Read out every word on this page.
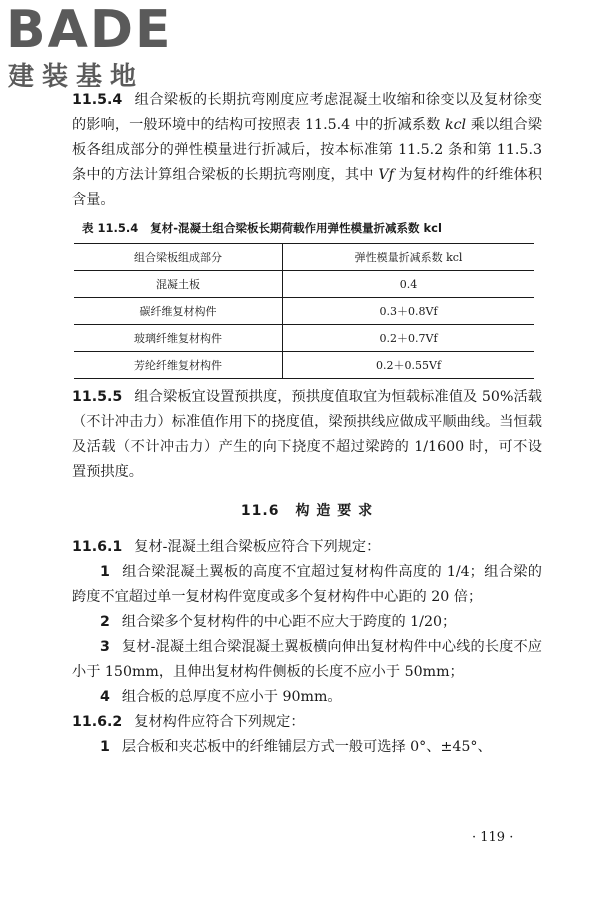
BADE
建装基地

11.5.4 组合梁板的长期抗弯刚度应考虑混凝土收缩和徐变以及复材徐变的影响，一般环境中的结构可按照表 11.5.4 中的折减系数 kcl 乘以组合梁板各组成部分的弹性模量进行折减后，按本标准第 11.5.2 条和第 11.5.3 条中的方法计算组合梁板的长期抗弯刚度，其中 Vf 为复材构件的纤维体积含量。

表 11.5.4 复材-混凝土组合梁板长期荷载作用弹性模量折减系数 kcl
组合梁板组成部分	弹性模量折减系数 kcl
混凝土板	0.4
碳纤维复材构件	0.3＋0.8Vf
玻璃纤维复材构件	0.2＋0.7Vf
芳纶纤维复材构件	0.2＋0.55Vf

11.5.5 组合梁板宜设置预拱度，预拱度值取宜为恒载标准值及 50%活载（不计冲击力）标准值作用下的挠度值，梁预拱线应做成平顺曲线。当恒载及活载（不计冲击力）产生的向下挠度不超过梁跨的 1/1600 时，可不设置预拱度。

11.6 构 造 要 求

11.6.1 复材-混凝土组合梁板应符合下列规定：

1 组合梁混凝土翼板的高度不宜超过复材构件高度的 1/4；组合梁的跨度不宜超过单一复材构件宽度或多个复材构件中心距的 20 倍；

2 组合梁多个复材构件的中心距不应大于跨度的 1/20；

3 复材-混凝土组合梁混凝土翼板横向伸出复材构件中心线的长度不应小于 150mm，且伸出复材构件侧板的长度不应小于 50mm；

4 组合板的总厚度不应小于 90mm。

11.6.2 复材构件应符合下列规定：

1 层合板和夹芯板中的纤维铺层方式一般可选择 0°、±45°、

· 119 ·
